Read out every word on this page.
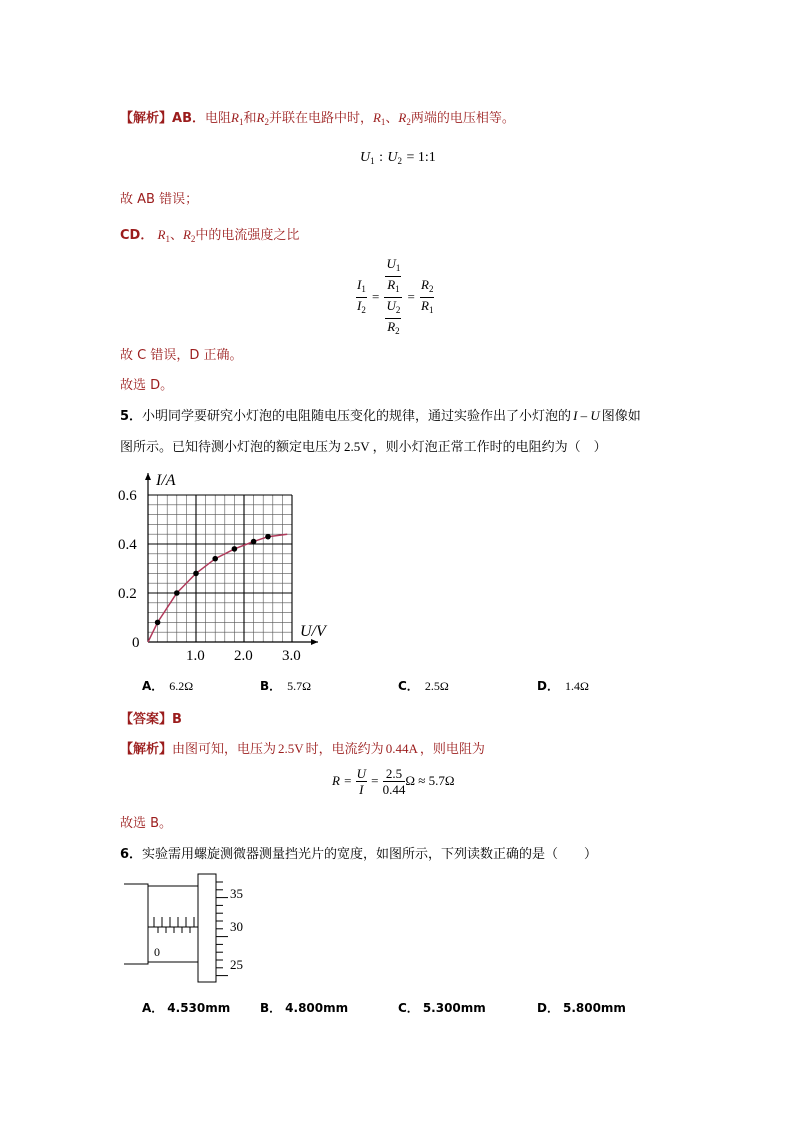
【解析】AB．电阻$R_1$和$R_2$并联在电路中时，$R_1$、$R_2$两端的电压相等。
$U_1$ : $U_2$ = 1:1
故 AB 错误；
CD． $R_1$、$R_2$中的电流强度之比
$\frac{I_1}{I_2} = \frac{\frac{U_1}{R_1}}{\frac{U_2}{R_2}} = \frac{R_2}{R_1}$
故 C 错误，D 正确。
故选 D。
5．小明同学要研究小灯泡的电阻随电压变化的规律，通过实验作出了小灯泡的 I – U 图像如
图所示。已知待测小灯泡的额定电压为 2.5V ，则小灯泡正常工作时的电阻约为（　）
1.0 2.0 3.0
0.6
0.4
0.2
0
I/A
U/V
A． 6.2Ω	B． 5.7Ω	C． 2.5Ω	D． 1.4Ω
【答案】B
【解析】由图可知，电压为 2.5V 时，电流约为 0.44A ，则电阻为
$R = \frac{U}{I} = \frac{2.5}{0.44}$ Ω ≈ 5.7Ω
故选 B。
6．实验需用螺旋测微器测量挡光片的宽度，如图所示，下列读数正确的是（　　）
0
35
30
25
A． 4.530mm B． 4.800mm	C． 5.300mm	D． 5.800mm
